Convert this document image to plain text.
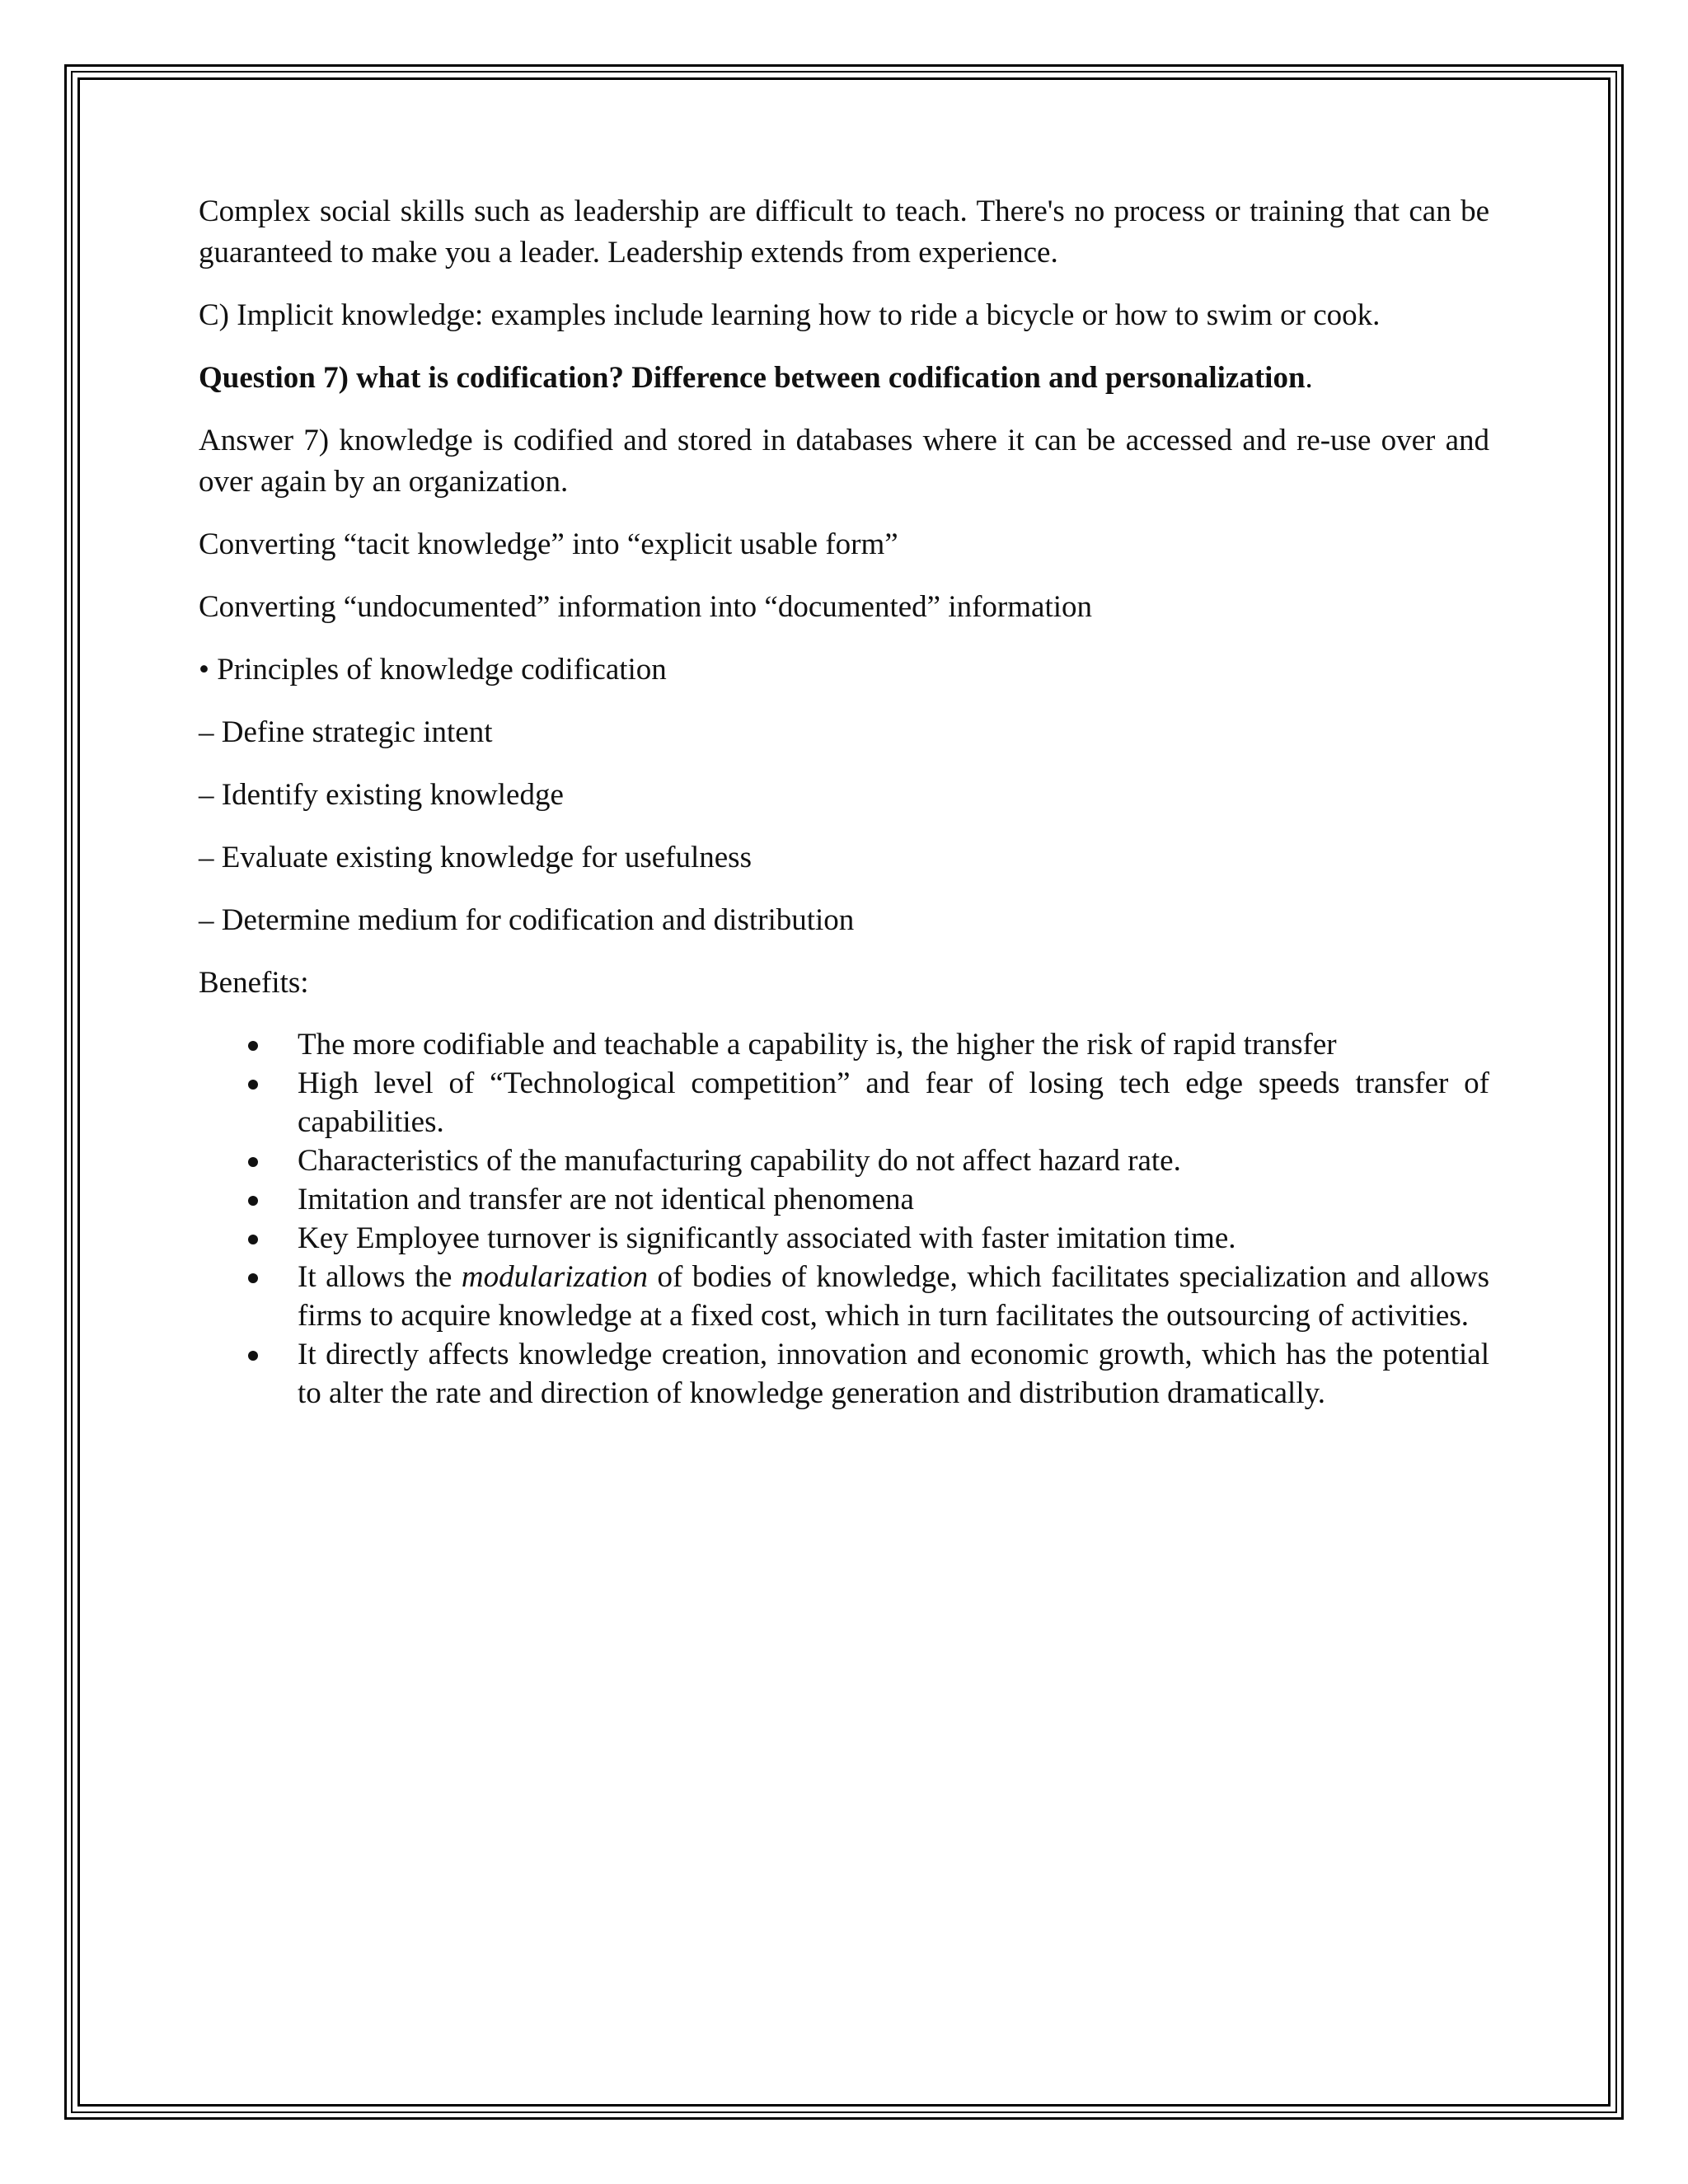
Complex social skills such as leadership are difficult to teach. There's no process or training that can be guaranteed to make you a leader. Leadership extends from experience.

C) Implicit knowledge: examples include learning how to ride a bicycle or how to swim or cook.

Question 7) what is codification? Difference between codification and personalization.

Answer 7) knowledge is codified and stored in databases where it can be accessed and re-use over and over again by an organization.

Converting “tacit knowledge” into “explicit usable form”

Converting “undocumented” information into “documented” information

• Principles of knowledge codification

– Define strategic intent

– Identify existing knowledge

– Evaluate existing knowledge for usefulness

– Determine medium for codification and distribution

Benefits:

The more codifiable and teachable a capability is, the higher the risk of rapid transfer
High level of “Technological competition” and fear of losing tech edge speeds transfer of capabilities.
Characteristics of the manufacturing capability do not affect hazard rate.
Imitation and transfer are not identical phenomena
Key Employee turnover is significantly associated with faster imitation time.
It allows the modularization of bodies of knowledge, which facilitates specialization and allows firms to acquire knowledge at a fixed cost, which in turn facilitates the outsourcing of activities.
It directly affects knowledge creation, innovation and economic growth, which has the potential to alter the rate and direction of knowledge generation and distribution dramatically.
